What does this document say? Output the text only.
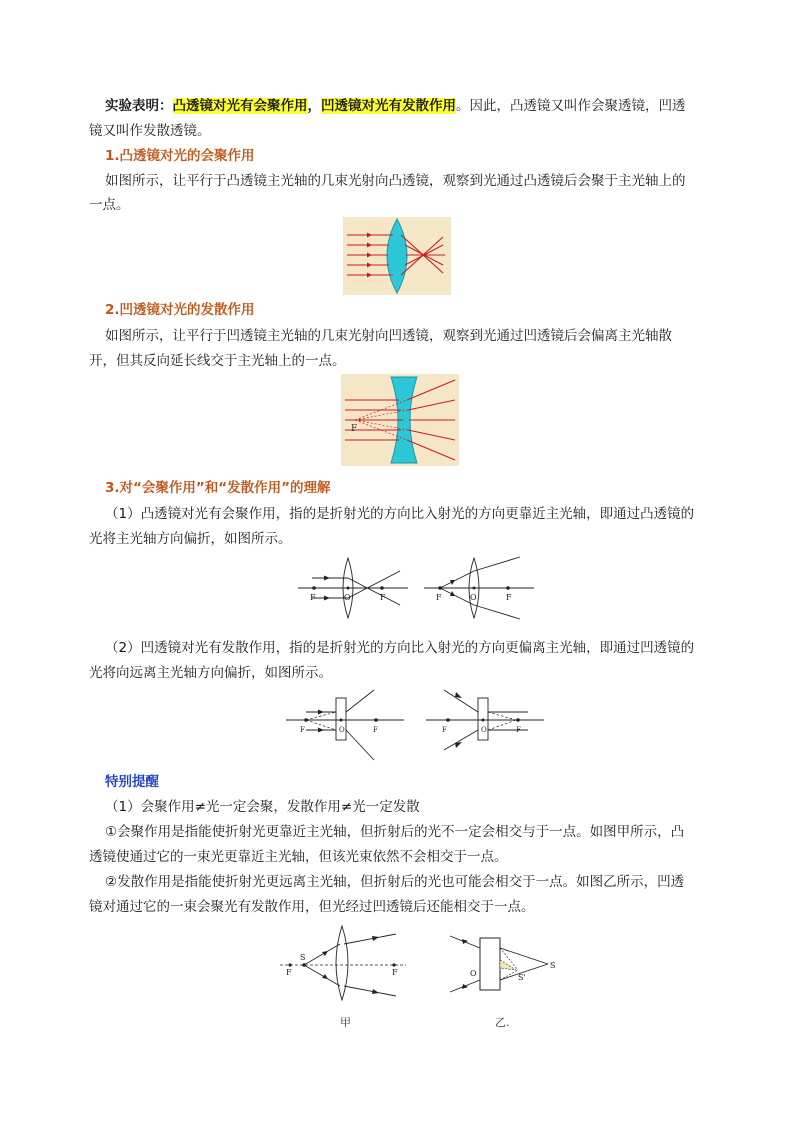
实验表明：凸透镜对光有会聚作用，凹透镜对光有发散作用。因此，凸透镜又叫作会聚透镜，凹透
镜又叫作发散透镜。
1.凸透镜对光的会聚作用
如图所示，让平行于凸透镜主光轴的几束光射向凸透镜，观察到光通过凸透镜后会聚于主光轴上的
一点。
2.凹透镜对光的发散作用
如图所示，让平行于凹透镜主光轴的几束光射向凹透镜，观察到光通过凹透镜后会偏离主光轴散
开，但其反向延长线交于主光轴上的一点。
F
3.对“会聚作用”和“发散作用”的理解
（1）凸透镜对光有会聚作用，指的是折射光的方向比入射光的方向更靠近主光轴，即通过凸透镜的
光将主光轴方向偏折，如图所示。
F	O	F	F	O	F
（2）凹透镜对光有发散作用，指的是折射光的方向比入射光的方向更偏离主光轴，即通过凹透镜的
光将向远离主光轴方向偏折，如图所示。
F	O	F	F	O	F
特别提醒
（1）会聚作用≠光一定会聚，发散作用≠光一定发散
①会聚作用是指能使折射光更靠近主光轴，但折射后的光不一定会相交与于一点。如图甲所示，凸
透镜使通过它的一束光更靠近主光轴，但该光束依然不会相交于一点。
②发散作用是指能使折射光更远离主光轴，但折射后的光也可能会相交于一点。如图乙所示，凹透
镜对通过它的一束会聚光有发散作用，但光经过凹透镜后还能相交于一点。
S
F	F
甲
S
S'
O
乙.
